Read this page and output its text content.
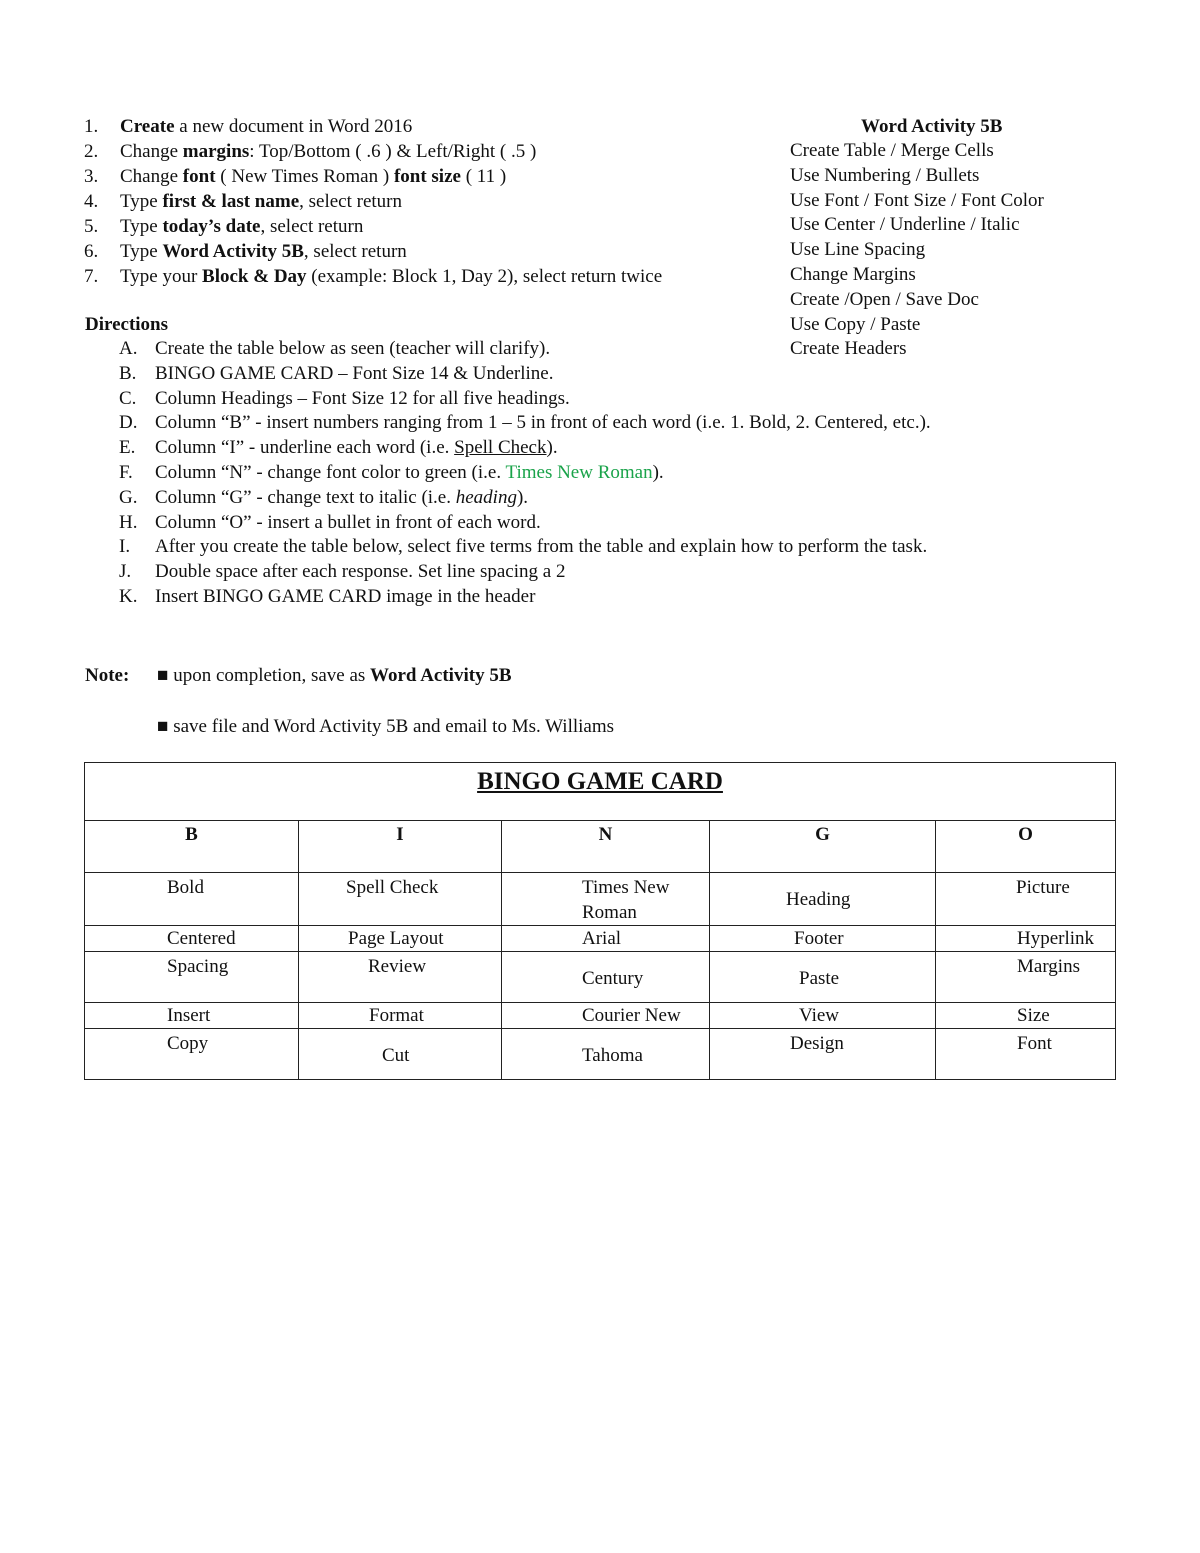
1. Create a new document in Word 2016
2. Change margins: Top/Bottom ( .6 ) & Left/Right ( .5 )
3. Change font ( New Times Roman ) font size ( 11 )
4. Type first & last name, select return
5. Type today’s date, select return
6. Type Word Activity 5B, select return
7. Type your Block & Day (example: Block 1, Day 2), select return twice
Word Activity 5B
Create Table / Merge Cells
Use Numbering / Bullets
Use Font / Font Size / Font Color
Use Center / Underline / Italic
Use Line Spacing
Change Margins
Create /Open / Save Doc
Use Copy / Paste
Create Headers
Directions
A. Create the table below as seen (teacher will clarify).
B. BINGO GAME CARD – Font Size 14 & Underline.
C. Column Headings – Font Size 12 for all five headings.
D. Column “B” - insert numbers ranging from 1 – 5 in front of each word (i.e. 1. Bold, 2. Centered, etc.).
E. Column “I” - underline each word (i.e. Spell Check).
F. Column “N” - change font color to green (i.e. Times New Roman).
G. Column “G” - change text to italic (i.e. heading).
H. Column “O” - insert a bullet in front of each word.
I. After you create the table below, select five terms from the table and explain how to perform the task.
J. Double space after each response. Set line spacing a 2
K. Insert BINGO GAME CARD image in the header
Note: ■ upon completion, save as Word Activity 5B
■ save file and Word Activity 5B and email to Ms. Williams
BINGO GAME CARD				
B	I	N	G	O

Bold	Spell Check	Times New
Roman	Heading	Picture

Centered	Page Layout	Arial	Footer	Hyperlink

Spacing	Review	Century	Paste	Margins

Insert	Format	Courier New	View	Size

Copy	Cut	Tahoma	Design	Font
